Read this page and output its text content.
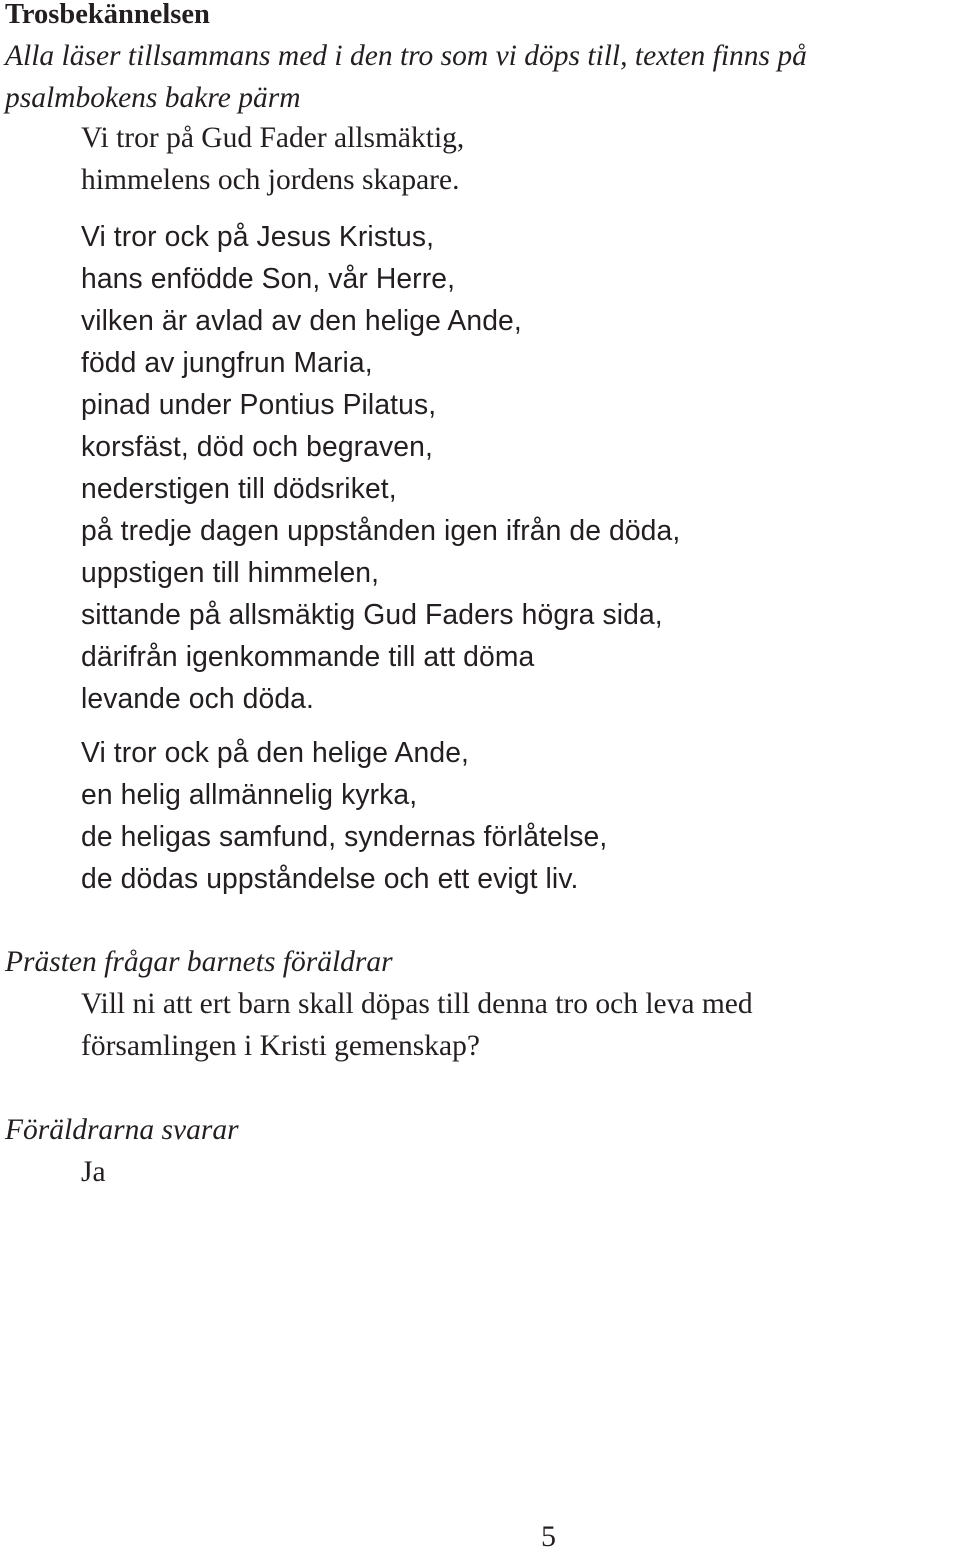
Trosbekännelsen

Alla läser tillsammans med i den tro som vi döps till, texten finns på

psalmbokens bakre pärm

Vi tror på Gud Fader allsmäktig,

himmelens och jordens skapare.

Vi tror ock på Jesus Kristus,

hans enfödde Son, vår Herre,

vilken är avlad av den helige Ande,

född av jungfrun Maria,

pinad under Pontius Pilatus,

korsfäst, död och begraven,

nederstigen till dödsriket,

på tredje dagen uppstånden igen ifrån de döda,

uppstigen till himmelen,

sittande på allsmäktig Gud Faders högra sida,

därifrån igenkommande till att döma

levande och döda.

Vi tror ock på den helige Ande,

en helig allmännelig kyrka,

de heligas samfund, syndernas förlåtelse,

de dödas uppståndelse och ett evigt liv.

Prästen frågar barnets föräldrar

Vill ni att ert barn skall döpas till denna tro och leva med

församlingen i Kristi gemenskap?

Föräldrarna svarar

Ja

5
